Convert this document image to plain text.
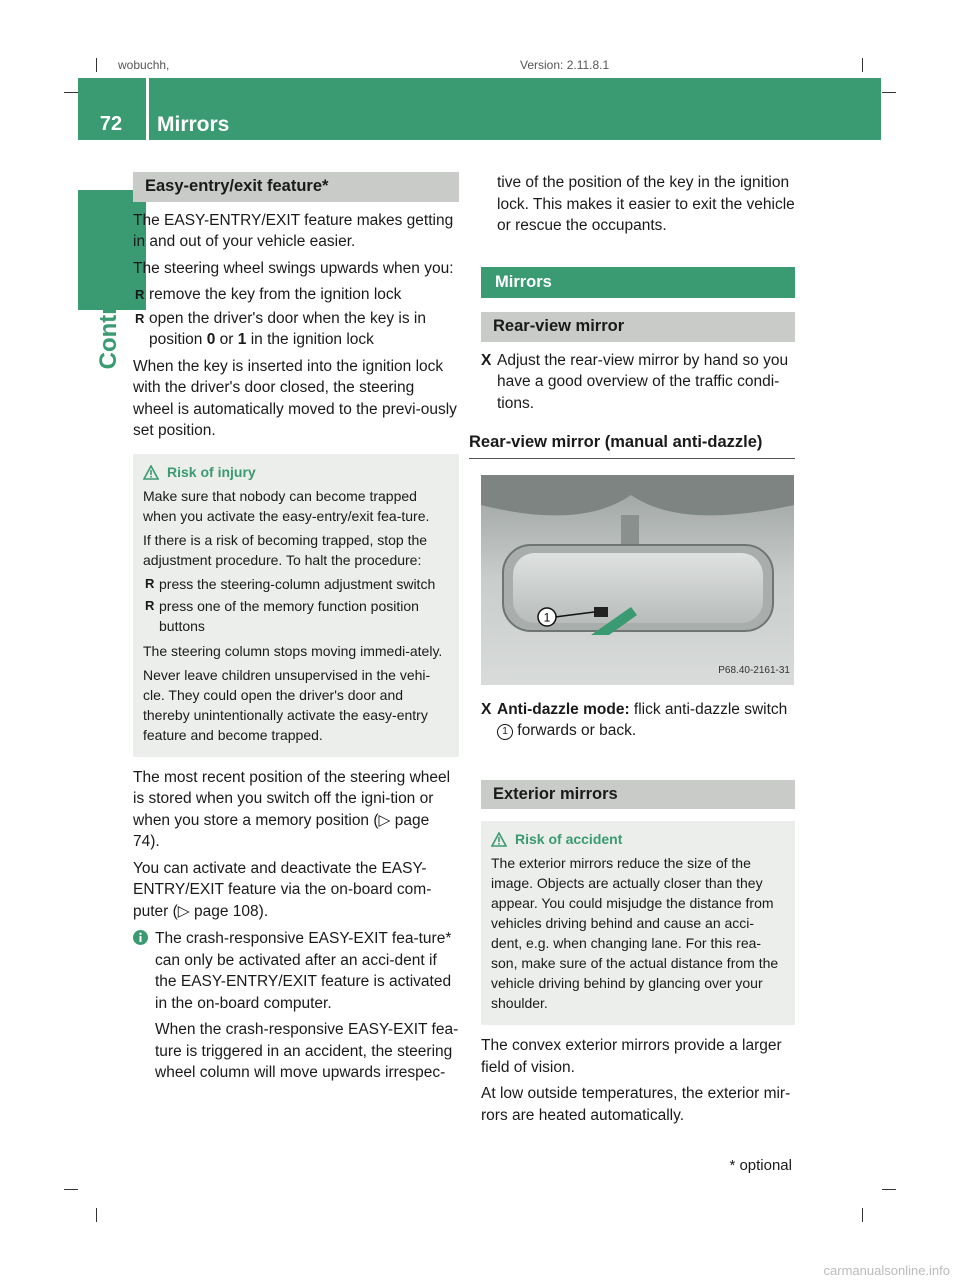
wobuchh,	Version: 2.11.8.1
72	Mirrors
Controls
Easy-entry/exit feature*

The EASY-ENTRY/EXIT feature makes getting in and out of your vehicle easier.

The steering wheel swings upwards when you:

R remove the key from the ignition lock
R open the driver's door when the key is in position 0 or 1 in the ignition lock

When the key is inserted into the ignition lock with the driver's door closed, the steering wheel is automatically moved to the previ-ously set position.

Risk of injury

Make sure that nobody can become trapped when you activate the easy-entry/exit fea-ture.

If there is a risk of becoming trapped, stop the adjustment procedure. To halt the procedure:

R press the steering-column adjustment switch
R press one of the memory function position buttons

The steering column stops moving immedi-ately.

Never leave children unsupervised in the vehi-cle. They could open the driver's door and thereby unintentionally activate the easy-entry feature and become trapped.

The most recent position of the steering wheel is stored when you switch off the igni-tion or when you store a memory position (▷ page 74).

You can activate and deactivate the EASY-ENTRY/EXIT feature via the on-board com-puter (▷ page 108).

The crash-responsive EASY-EXIT fea-ture* can only be activated after an acci-dent if the EASY-ENTRY/EXIT feature is activated in the on-board computer.

When the crash-responsive EASY-EXIT fea-ture is triggered in an accident, the steering wheel column will move upwards irrespec-

tive of the position of the key in the ignition lock. This makes it easier to exit the vehicle or rescue the occupants.

Mirrors
Rear-view mirror
X Adjust the rear-view mirror by hand so you have a good overview of the traffic condi-tions.
Rear-view mirror (manual anti-dazzle)
1
P68.40-2161-31
X Anti-dazzle mode: flick anti-dazzle switch 1 forwards or back.
Exterior mirrors
Risk of accident

The exterior mirrors reduce the size of the image. Objects are actually closer than they appear. You could misjudge the distance from vehicles driving behind and cause an acci-dent, e.g. when changing lane. For this rea-son, make sure of the actual distance from the vehicle driving behind by glancing over your shoulder.

The convex exterior mirrors provide a larger field of vision.

At low outside temperatures, the exterior mir-rors are heated automatically.

* optional
carmanualsonline.info
